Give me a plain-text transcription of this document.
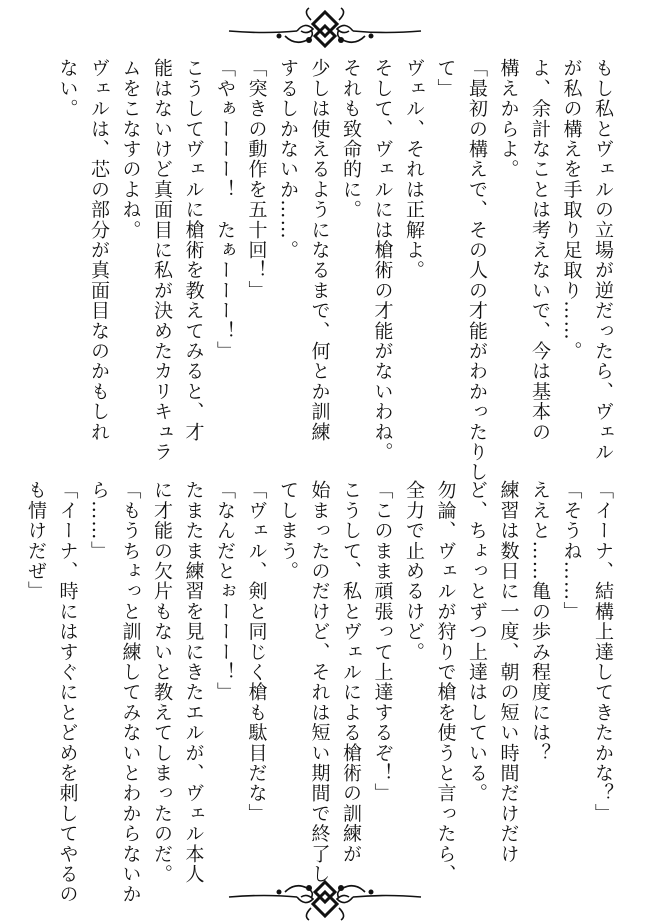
もし私とヴェルの立場が逆だったら、ヴェル
が私の構えを手取り足取り……。
よ、余計なことは考えないで、今は基本の
構えからよ。
「最初の構えで、その人の才能がわかったりし
て」
ヴェル、それは正解よ。
そして、ヴェルには槍術の才能がないわね。
それも致命的に。
少しは使えるようになるまで、何とか訓練
するしかないか……。
「突きの動作を五十回！」
「やぁーーー！　たぁーーー！」
こうしてヴェルに槍術を教えてみると、才
能はないけど真面目に私が決めたカリキュラ
ムをこなすのよね。
ヴェルは、芯の部分が真面目なのかもしれ
ない。
「イーナ、結構上達してきたかな？」
「そうね……」
ええと……亀の歩み程度には？
練習は数日に一度、朝の短い時間だけだけ
ど、ちょっとずつ上達はしている。
勿論、ヴェルが狩りで槍を使うと言ったら、
全力で止めるけど。
「このまま頑張って上達するぞ！」
こうして、私とヴェルによる槍術の訓練が
始まったのだけど、それは短い期間で終了し
てしまう。
「ヴェル、剣と同じく槍も駄目だな」
「なんだとぉーーー！」
たまたま練習を見にきたエルが、ヴェル本人
に才能の欠片もないと教えてしまったのだ。
「もうちょっと訓練してみないとわからないか
ら……」
「イーナ、時にはすぐにとどめを刺してやるの
も情けだぜ」
